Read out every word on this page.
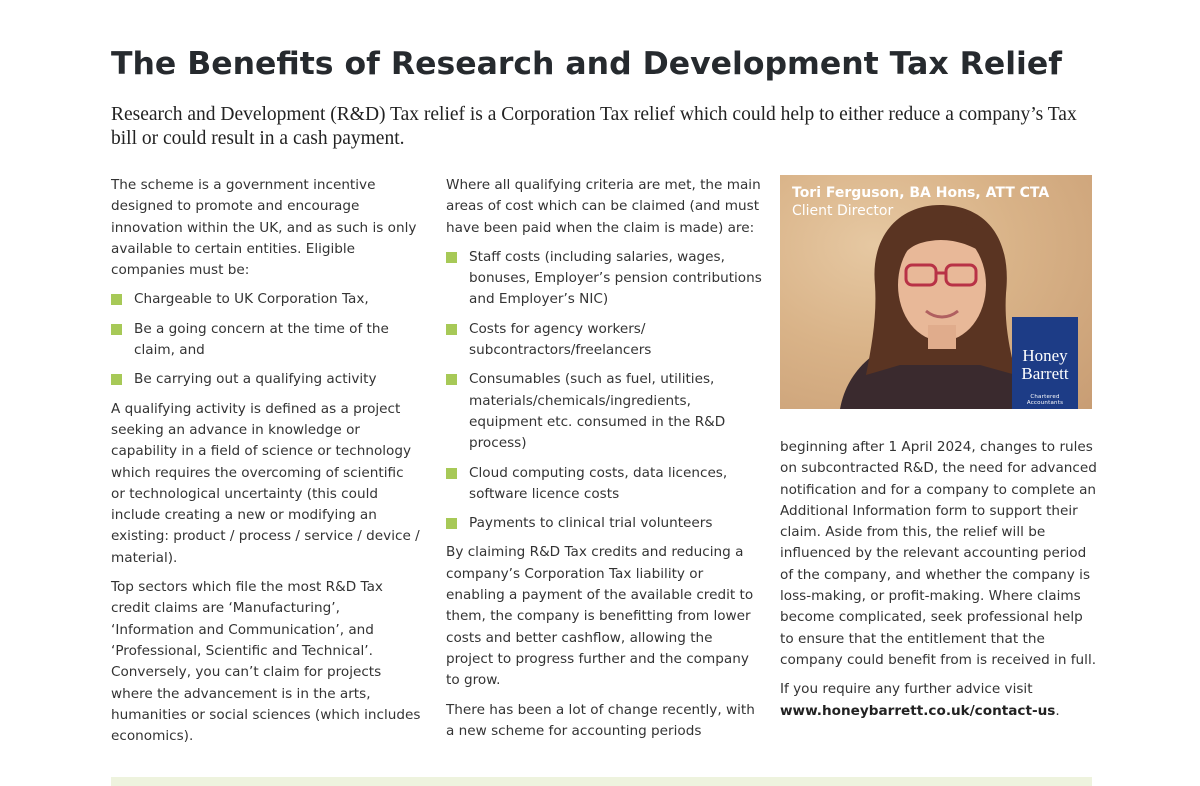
The Benefits of Research and Development Tax Relief

Research and Development (R&D) Tax relief is a Corporation Tax relief which could help to either reduce a company’s Tax bill or could result in a cash payment.

The scheme is a government incentive designed to promote and encourage innovation within the UK, and as such is only available to certain entities. Eligible companies must be:

Chargeable to UK Corporation Tax,
Be a going concern at the time of the claim, and
Be carrying out a qualifying activity

A qualifying activity is defined as a project seeking an advance in knowledge or capability in a field of science or technology which requires the overcoming of scientific or technological uncertainty (this could include creating a new or modifying an existing: product / process / service / device / material).

Top sectors which file the most R&D Tax credit claims are ‘Manufacturing’, ‘Information and Communication’, and ‘Professional, Scientific and Technical’. Conversely, you can’t claim for projects where the advancement is in the arts, humanities or social sciences (which includes economics).

Where all qualifying criteria are met, the main areas of cost which can be claimed (and must have been paid when the claim is made) are:

Staff costs (including salaries, wages, bonuses, Employer’s pension contributions and Employer’s NIC)
Costs for agency workers/ subcontractors/freelancers
Consumables (such as fuel, utilities, materials/chemicals/ingredients, equipment etc. consumed in the R&D process)
Cloud computing costs, data licences, software licence costs
Payments to clinical trial volunteers

By claiming R&D Tax credits and reducing a company’s Corporation Tax liability or enabling a payment of the available credit to them, the company is benefitting from lower costs and better cashflow, allowing the project to progress further and the company to grow.

There has been a lot of change recently, with a new scheme for accounting periods

Tori Ferguson, BA Hons, ATT CTA
Client Director
Honey Barrett
Chartered Accountants

beginning after 1 April 2024, changes to rules on subcontracted R&D, the need for advanced notification and for a company to complete an Additional Information form to support their claim. Aside from this, the relief will be influenced by the relevant accounting period of the company, and whether the company is loss-making, or profit-making. Where claims become complicated, seek professional help to ensure that the entitlement that the company could benefit from is received in full.

If you require any further advice visit www.honeybarrett.co.uk/contact-us.
